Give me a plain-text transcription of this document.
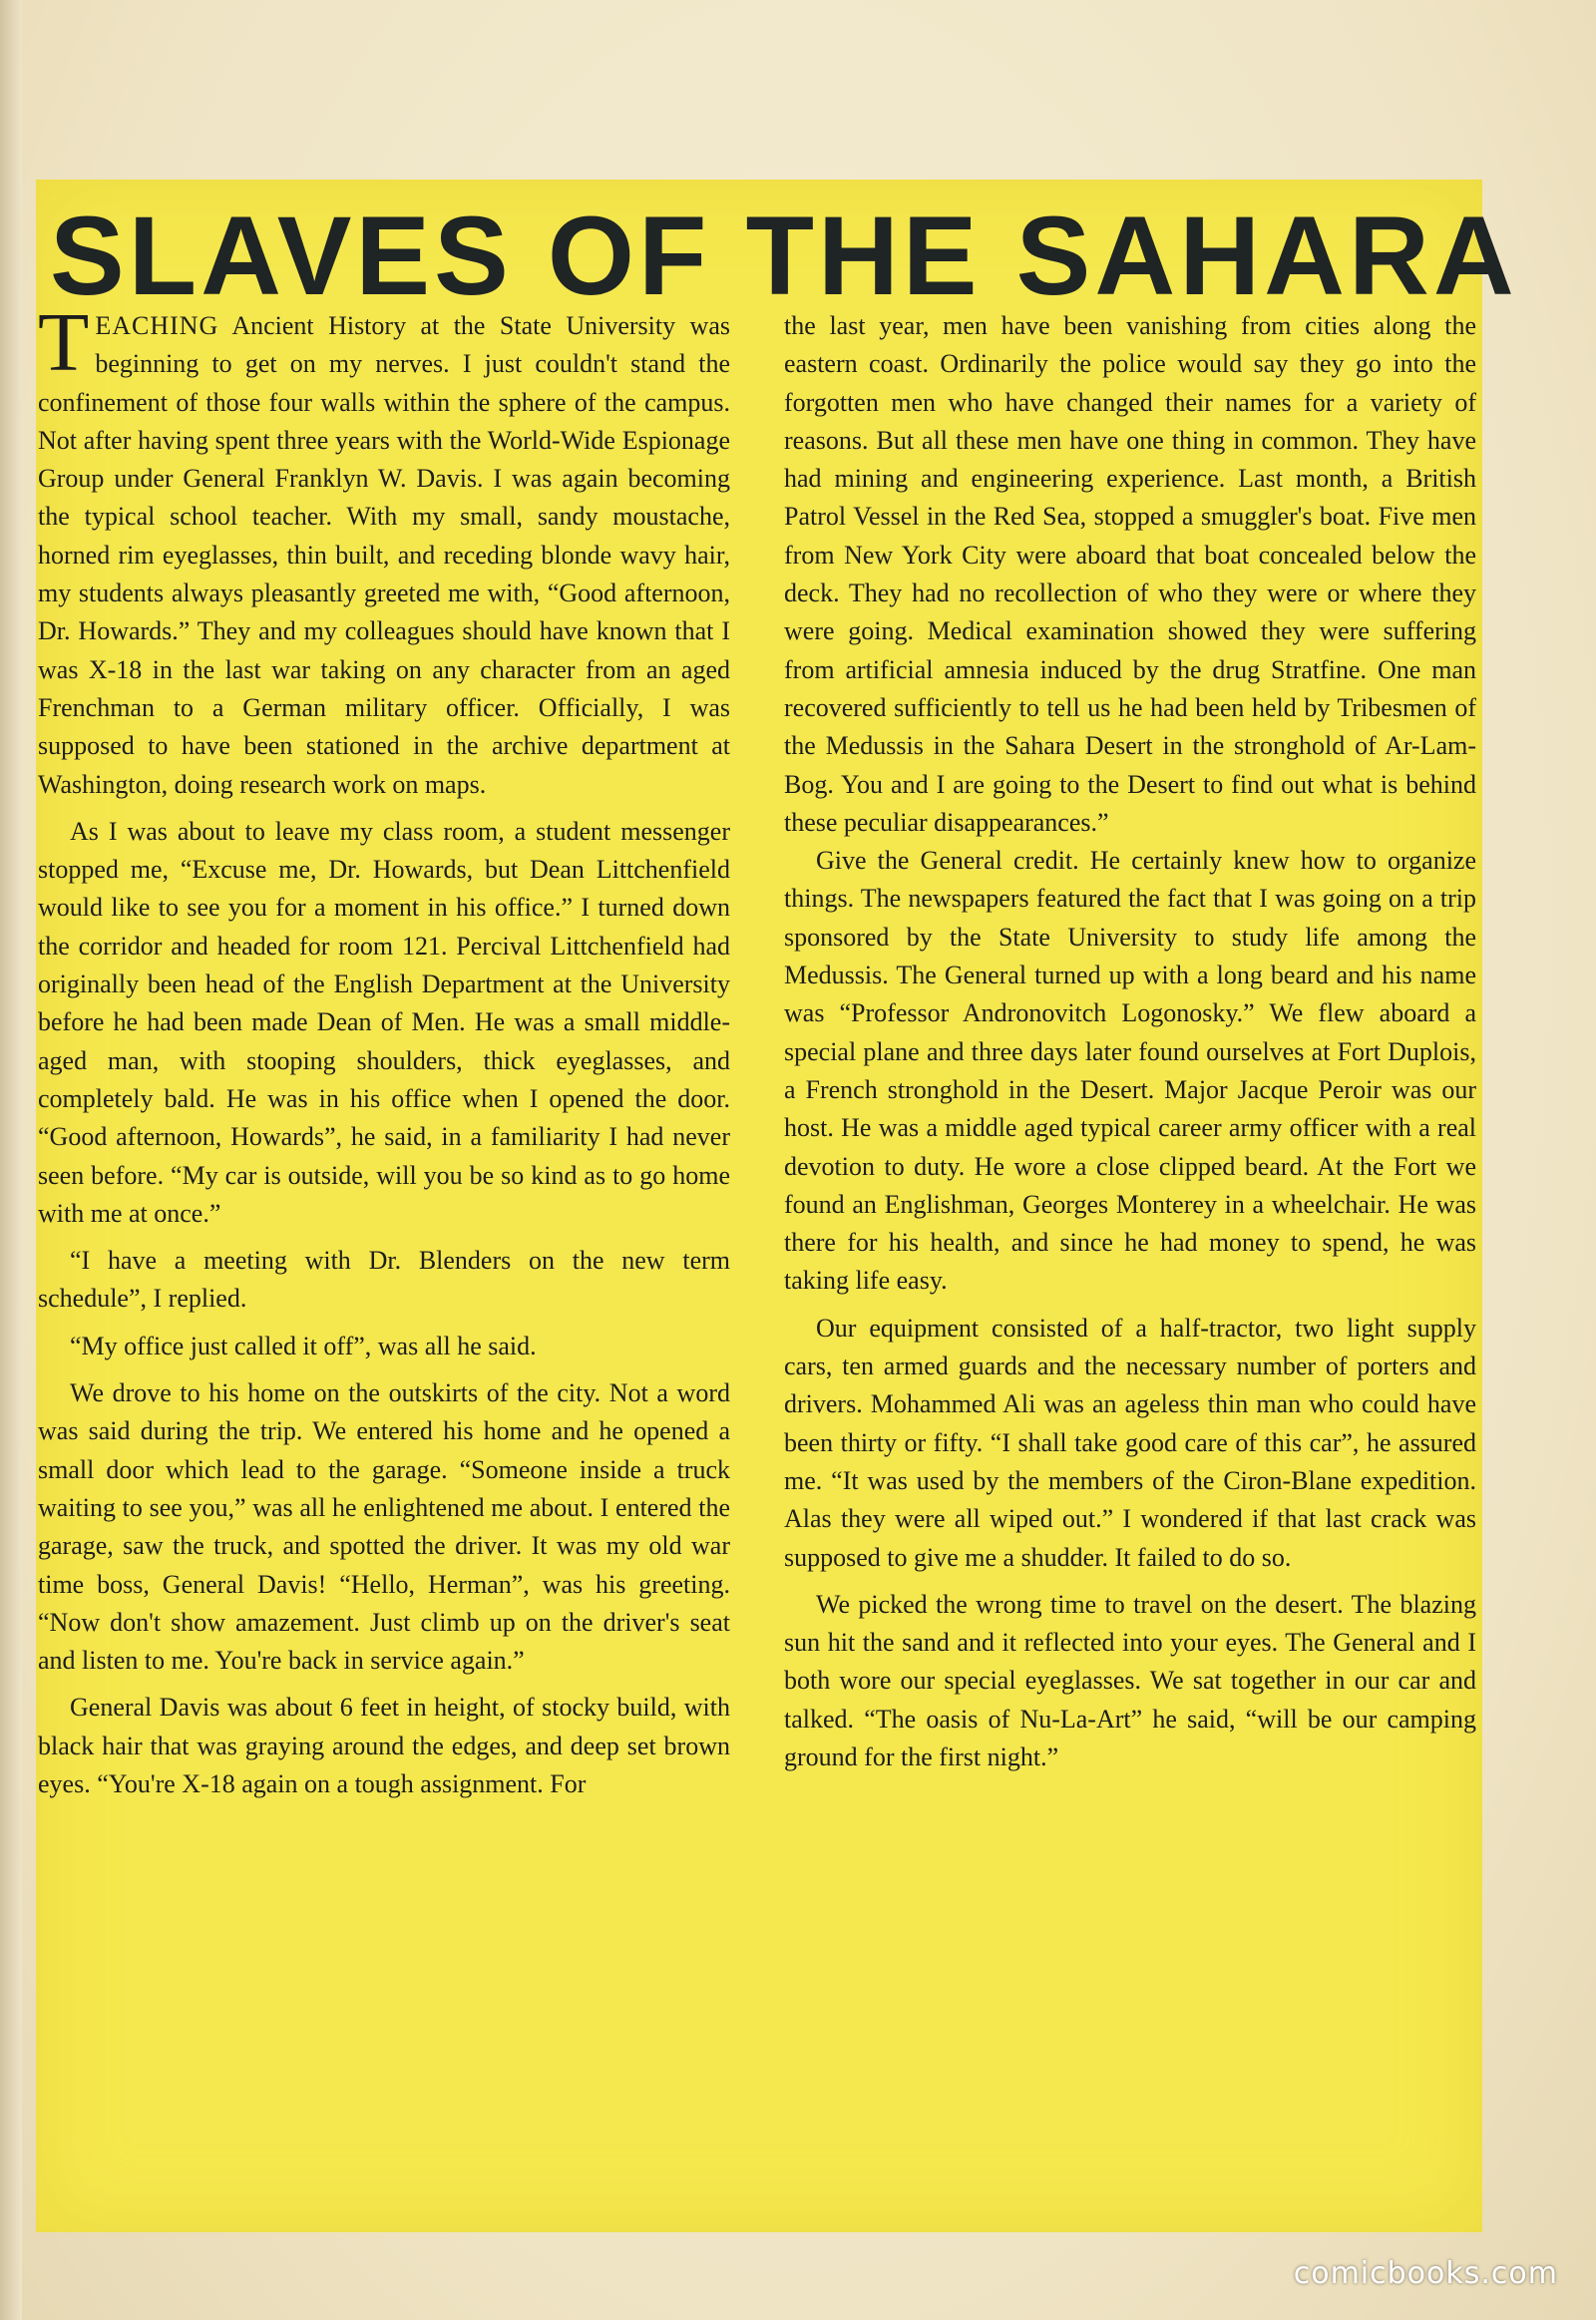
SLAVES OF THE SAHARA

TEACHING Ancient History at the State University was beginning to get on my nerves. I just couldn't stand the confinement of those four walls within the sphere of the campus. Not after having spent three years with the World-Wide Espionage Group under General Franklyn W. Davis. I was again becoming the typical school teacher. With my small, sandy moustache, horned rim eyeglasses, thin built, and receding blonde wavy hair, my students always pleasantly greeted me with, “Good afternoon, Dr. Howards.” They and my colleagues should have known that I was X-18 in the last war taking on any character from an aged Frenchman to a German military officer. Officially, I was supposed to have been stationed in the archive department at Washington, doing research work on maps.

As I was about to leave my class room, a student messenger stopped me, “Excuse me, Dr. Howards, but Dean Littchenfield would like to see you for a moment in his office.” I turned down the corridor and headed for room 121. Percival Littchenfield had originally been head of the English Department at the University before he had been made Dean of Men. He was a small middle-aged man, with stooping shoulders, thick eyeglasses, and completely bald. He was in his office when I opened the door. “Good afternoon, Howards”, he said, in a familiarity I had never seen before. “My car is outside, will you be so kind as to go home with me at once.”

“I have a meeting with Dr. Blenders on the new term schedule”, I replied.

“My office just called it off”, was all he said.

We drove to his home on the outskirts of the city. Not a word was said during the trip. We entered his home and he opened a small door which lead to the garage. “Someone inside a truck waiting to see you,” was all he enlightened me about. I entered the garage, saw the truck, and spotted the driver. It was my old war time boss, General Davis! “Hello, Herman”, was his greeting. “Now don't show amazement. Just climb up on the driver's seat and listen to me. You're back in service again.”

General Davis was about 6 feet in height, of stocky build, with black hair that was graying around the edges, and deep set brown eyes. “You're X-18 again on a tough assignment. For

the last year, men have been vanishing from cities along the eastern coast. Ordinarily the police would say they go into the forgotten men who have changed their names for a variety of reasons. But all these men have one thing in common. They have had mining and engineering experience. Last month, a British Patrol Vessel in the Red Sea, stopped a smuggler's boat. Five men from New York City were aboard that boat concealed below the deck. They had no recollection of who they were or where they were going. Medical examination showed they were suffering from artificial amnesia induced by the drug Stratfine. One man recovered sufficiently to tell us he had been held by Tribesmen of the Medussis in the Sahara Desert in the stronghold of Ar-Lam-Bog. You and I are going to the Desert to find out what is behind these peculiar disappearances.”

Give the General credit. He certainly knew how to organize things. The newspapers featured the fact that I was going on a trip sponsored by the State University to study life among the Medussis. The General turned up with a long beard and his name was “Professor Andronovitch Logonosky.” We flew aboard a special plane and three days later found ourselves at Fort Duplois, a French stronghold in the Desert. Major Jacque Peroir was our host. He was a middle aged typical career army officer with a real devotion to duty. He wore a close clipped beard. At the Fort we found an Englishman, Georges Monterey in a wheelchair. He was there for his health, and since he had money to spend, he was taking life easy.

Our equipment consisted of a half-tractor, two light supply cars, ten armed guards and the necessary number of porters and drivers. Mohammed Ali was an ageless thin man who could have been thirty or fifty. “I shall take good care of this car”, he assured me. “It was used by the members of the Ciron-Blane expedition. Alas they were all wiped out.” I wondered if that last crack was supposed to give me a shudder. It failed to do so.

We picked the wrong time to travel on the desert. The blazing sun hit the sand and it reflected into your eyes. The General and I both wore our special eyeglasses. We sat together in our car and talked. “The oasis of Nu-La-Art” he said, “will be our camping ground for the first night.”

comicbooks.com
